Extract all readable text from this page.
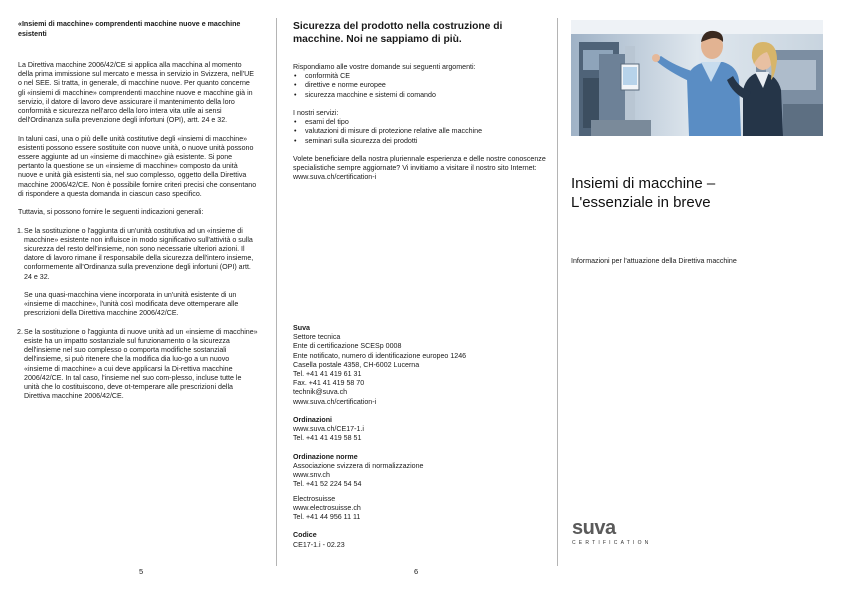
«Insiemi di macchine» comprendenti macchine nuove e macchine esistenti

La Direttiva macchine 2006/42/CE si applica alla macchina al momento della prima immissione sul mercato e messa in servizio in Svizzera, nell'UE o nel SEE. Si tratta, in generale, di macchine nuove. Per quanto concerne gli «insiemi di macchine» comprendenti macchine nuove e macchine già in servizio, il datore di lavoro deve assicurare il mantenimento della loro conformità e sicurezza nell'arco della loro intera vita utile ai sensi dell'Ordinanza sulla prevenzione degli infortuni (OPI), artt. 24 e 32.

In taluni casi, una o più delle unità costitutive degli «insiemi di macchine» esistenti possono essere sostituite con nuove unità, o nuove unità possono essere aggiunte ad un «insieme di macchine» già esistente. Si pone pertanto la questione se un «insieme di macchine» composto da unità nuove e unità già esistenti sia, nel suo complesso, oggetto della Direttiva macchine 2006/42/CE. Non è possibile fornire criteri precisi che consentano di rispondere a questa domanda in ciascun caso specifico.

Tuttavia, si possono fornire le seguenti indicazioni generali:

1. Se la sostituzione o l'aggiunta di un'unità costitutiva ad un «insieme di macchine» esistente non influisce in modo significativo sull'attività o sulla sicurezza del resto dell'insieme, non sono necessarie ulteriori azioni. Il datore di lavoro rimane il responsabile della sicurezza dell'intero insieme, conformemente all'Ordinanza sulla prevenzione degli infortuni (OPI) artt. 24 e 32.

Se una quasi-macchina viene incorporata in un'unità esistente di un «insieme di macchine», l'unità così modificata deve ottemperare alle prescrizioni della Direttiva macchine 2006/42/CE.

2. Se la sostituzione o l'aggiunta di nuove unità ad un «insieme di macchine» esiste ha un impatto sostanziale sul funzionamento o la sicurezza dell'insieme nel suo complesso o comporta modifiche sostanziali dell'insieme, si può ritenere che la modifica dia luo-go a un nuovo «insieme di macchine» a cui deve applicarsi la Di-rettiva macchine 2006/42/CE. In tal caso, l'insieme nel suo com-plesso, incluse tutte le unità che lo costituiscono, deve ot-temperare alle prescrizioni della Direttiva macchine 2006/42/CE.
5

Sicurezza del prodotto nella costruzione di macchine. Noi ne sappiamo di più.

Rispondiamo alle vostre domande sui seguenti argomenti:

• conformità CE
• direttive e norme europee
• sicurezza macchine e sistemi di comando

I nostri servizi:

• esami del tipo
• valutazioni di misure di protezione relative alle macchine
• seminari sulla sicurezza dei prodotti

Volete beneficiare della nostra pluriennale esperienza e delle nostre conoscenze specialistiche sempre aggiornate? Vi invitiamo a visitare il nostro sito Internet:

www.suva.ch/certification-i

Suva

Settore tecnica

Ente di certificazione SCESp 0008

Ente notificato, numero di identificazione europeo 1246

Casella postale 4358, CH-6002 Lucerna

Tel. +41 41 419 61 31

Fax. +41 41 419 58 70

technik@suva.ch

www.suva.ch/certification-i

Ordinazioni

www.suva.ch/CE17-1.i

Tel. +41 41 419 58 51

Ordinazione norme

Associazione svizzera di normalizzazione

www.snv.ch

Tel. +41 52 224 54 54

Electrosuisse

www.electrosuisse.ch

Tel. +41 44 956 11 11

Codice

CE17-1.i - 02.23

6
Insiemi di macchine –
L'essenziale in breve

Informazioni per l'attuazione della Direttiva macchine

suva
CERTIFICATION
